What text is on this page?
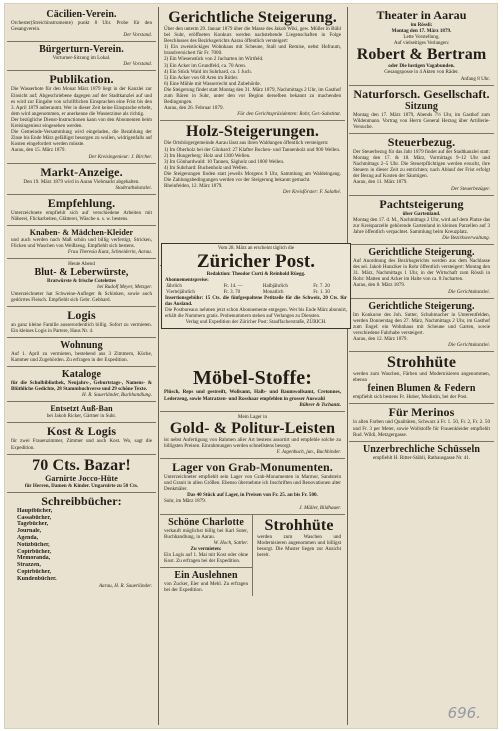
Cäcilien-Verein.
Orchester(Streichinstrumente) punkt 8 Uhr. Probe für den Gesangverein.
Der Vorstand.
Bürgerturn-Verein.
Vorturner-Sitzung im Lokal.
Der Vorstand.
Publikation.
Die Wasserbote für den Monat März 1879 liegt in der Kanzlei zur Einsicht auf; Abgeschriebene dagegen auf der Stadtkanzlei auf und es wird zur Eingabe von schriftlichen Einsprachen eine Frist bis den 3. April 1879 anberaumt. Wer in dieser Zeit keine Einsprache erhebt, dem wird angenommen, er anerkenne die Wasserzinse als richtig.
Der bezügliche Dienst-Instructionen kann von den Abonnenten beim Kreisingenieur eingesehen werden.
Die Gemeinde-Versammlung wird eingeladen, die Bezahlung der Zinse bis Ende März gefälligst besorgen zu wollen, widrigenfalls auf Kosten eingefordert werden müsste.
Aarau, den 15. März 1879.
Der Kreisingenieur: J. Bircher.
Markt-Anzeige.
Den 19. März 1879 wird in Aarau Viehmarkt abgehalten.
Stadtrathskanzlei.
Empfehlung.
Unterzeichnete empfiehlt sich auf verschiedene Arbeiten mit Näherei, Flickarbeiten, Glätterei, Wäsche u. s. w. bestens.
Knaben- & Mädchen-Kleider
und auch werden nach Maß schön und billig verfertigt, Stricken, Flicken und Waschen von Weißzeug. Empfiehlt sich bestens.
Frau Theresia Kunz, Schneiderin, Aarau.
Heute Abend
Blut- & Leberwürste,
Bratwürste & frische Cotelettes
bei Rudolf Meyer, Metzger.
Unterzeichneter hat Schweine-Aufleger & Schinken, sowie auch gedörrtes Fleisch. Empfiehlt sich Gebr. Gebhard.
Logis
an ganz kleine Familie ausserordentlich billig. Sofort zu vermieten. Ein kleines Logis in Partere, Haus Nr. 4.
Wohnung
Auf 1. April zu vermieten, bestehend aus 3 Zimmern, Küche, Kammer und Zugehörden. Zu erfragen in der Expedition.
Kataloge
für die Schulbibliothek, Neujahrs-, Geburtstags-, Namens- & Blüthliche Gedichte, 28 Stammbuchverse und 29 schöne Texte.
H. R. Sauerländer, Buchhandlung.
Entsetzt Auß-Ban
bei Jakob Ricker, Gärtner in Suhr.
Kost & Logis
für zwei Frauenzimmer, Zimmer und auch Kost. Wo, sagt die Expedition.
70 Cts. Bazar!
Garnirte Jocco-Hüte
für Herren, Damen & Kinder. Ungarnirte zu 50 Cts.
Schreibbücher:
Hauptbücher,
Cassabücher,
Tagebücher,
Journale,
Agenda,
Notizbücher,
Copirbücher,
Memoranda,
Strazzen,
Copirbücher,
Kundenbücher.
Aarau, H. R. Sauerländer.
Gerichtliche Steigerung.
Über den unterm 29. Januar 1879 über die Masse des Jakob Wiki, gew. Müller in Bühl bei Suhr, eröffneten Konkurs werden nachstehende Liegenschaften in Folge Beschlusses des Bezirksgerichts Aarau öffentlich versteigert:
1) Ein zweistöckiges Wohnhaus mit Scheune, Stall und Remise, nebst Hofraum, brandversichert für Fr. 7000.
2) Ein Wiesenstück von 2 Jucharten im Wirtfeld.
3) Ein Acker im Grundfeld, ca. 70 Aren.
4) Ein Stück Wald im Suhrhard, ca. 1 Juch.
5) Ein Acker von 60 Aren im Rötler.
6) Eine Mühle mit Wasserrecht und Zubehörde.
Die Steigerung findet statt Montag den 31. März 1879, Nachmittags 2 Uhr, im Gasthof zum Bären in Suhr, unter den vor Beginn derselben bekannt zu machenden Bedingungen.
Aarau, den 26. Februar 1879.
Für den Gerichtspräsidenten: Rohr, Ger.-Substitut.
Holz-Steigerungen.
Die Ortsbürgergemeinde Aarau lässt aus ihren Waldungen öffentlich versteigern:
1) Im Oberholz bei der Gönhard: 27 Klafter Buchen- und Tannenholz und 900 Wellen.
2) Im Hungerberg: Holz und 1300 Wellen.
3) Im Gönhardwald: 10 Tannen, Sägholz und 1000 Wellen.
4) Im Suhrhard: Buchenholz und Wellen.
Die Steigerungen finden statt jeweils Morgens 9 Uhr, Sammlung am Waldeingang. Die Zahlungsbedingungen werden vor der Steigerung bekannt gemacht.
Rheinfelden, 12. März 1879.
Der Kreisförster: F. Salathé.
Möbel-Stoffe:
Plüsch, Reps und gestreift, Wollsamt, Halb- und Baumwollsamt, Cretonnes, Lederzeug, sowie Matratzen- und Rosshaar empfehlen in grosser Auswahl
Bührer & Tschantz.
Mein Lager in
Gold- & Politur-Leisten
ist nebst Anfertigung von Rahmen aller Art bestens assortirt und empfehle solche zu billigsten Preisen. Einrahmungen werden schnellstens besorgt.
F. Jagenbuch, jun., Buchbinder.
Lager von Grab-Monumenten.
Unterzeichneter empfiehlt sein Lager von Grab-Monumenten in Marmor, Sandstein und Granit in allen Größen. Ebenso übernehme ich Inschriften und Renovationen alter Denkmäler.
Das 40 Stück auf Lager, in Preisen von Fr. 25. an bis Fr. 500.
Suhr, im März 1879.
J. Müller, Bildhauer.
Schöne Charlotte
verkauft möglichst billig bei Karl Suter, Buchhandlung, in Aarau.
W. Hoch, Sattler.
Zu vermieten:
Ein Logis auf 1. Mai mit Kost oder ohne Kost. Zu erfragen bei der Expedition.
Ein Auslehnen
von Zucker, Eier und Mehl. Zu erfragen bei der Expedition.
Strohhüte
werden zum Waschen und Modernisieren angenommen und billigst besorgt. Die Muster liegen zur Ansicht bereit.
Theater in Aarau
im Rössli:
Montag den 17. März 1879.
Lette Vorstellung.
Auf vielseitiges Verlangen:
Robert & Bertram
oder Die lustigen Vagabunden.
Gesangsposse in 4 Akten von Räder.
Anfang 8 Uhr.
Naturforsch. Gesellschaft.
Sitzung
Montag den 17. März 1879, Abends 7½ Uhr, im Gasthof zum Wildenmann. Vortrag von Herrn General Herzog über Artillerie-Versuche.
Steuerbezug.
Der Steuerbezug für das Jahr 1879 findet auf der Stadtkanzlei statt: Montag den 17. & 18. März, Vormittags 9–12 Uhr und Nachmittags 2–5 Uhr. Die Steuerpflichtigen werden ersucht, ihre Steuern in dieser Zeit zu entrichten; nach Ablauf der Frist erfolgt der Bezug auf Kosten der Säumigen.
Aarau, den 11. März 1879.
Der Steuerbezüger.
Pachtsteigerung
über Gartenland.
Montag den 17. d. M., Nachmittags 2 Uhr, wird auf dem Platze das zur Kreisparzelle gehörende Gartenland in kleinen Parzellen auf 3 Jahre öffentlich verpachtet. Sammlung beim Kreuzplatz.
Die Bezirksverwaltung.
Gerichtliche Steigerung.
Auf Anordnung des Bezirksgerichts werden aus dem Nachlasse des sel. Jakob Hunziker in Rohr öffentlich versteigert: Montag den 31. März, Nachmittags 1 Uhr, in der Wirtschaft zum Rössli in Rohr: Matten und Acker im Halte von ca. 8 Jucharten.
Aarau, den 8. März 1879.
Die Gerichtskanzlei.
Gerichtliche Steigerung.
Im Konkurse des Joh. Sutter, Schuhmacher in Unterentfelden, werden Donnerstag den 27. März, Nachmittags 2 Uhr, im Gasthof zum Engel: ein Wohnhaus mit Scheune und Garten, sowie verschiedene Fahrhabe versteigert.
Aarau, den 12. März 1879.
Die Gerichtskanzlei.
Strohhüte
werden zum Waschen, Färben und Modernisieren angenommen, ebenso
feinen Blumen & Federn
empfiehlt sich bestens Fr. Huber, Modistin, bei der Post.
Für Merinos
in allen Farben und Qualitäten, Schwarz à Fr. 1. 50, Fr. 2, Fr. 2. 50 und Fr. 3 per Meter, sowie Wollstoffe für Frauenkleider empfiehlt Rud. Wildi, Metzgergasse.
Unzerbrechliche Schüsseln
empfiehlt H. Ritter-Stäbli, Rathausgasse Nr. 41.
Vom 28. März an erscheint täglich die
Züricher Post.
Redaktion: Theodor Curti & Reinhold Rüegg.
Abonnementspreise:
Jährlich	Fr. 14. —	Halbjährlich	Fr. 7. 20
Vierteljährlich	Fr. 3. 70	Monatlich	Fr. 1. 30
Insertionsgebühr: 15 Cts. die fünfgespaltene Petitzeile für die Schweiz, 20 Cts. für das Ausland.
Die Postbureaux nehmen jetzt schon Abonnemente entgegen. Wer bis Ende März abonnirt, erhält die Nummern gratis. Probenummern stehen auf Verlangen zu Diensten.
Verlag und Expedition der Züricher Post: Stauffacherstraße, ZÜRICH.
696.
